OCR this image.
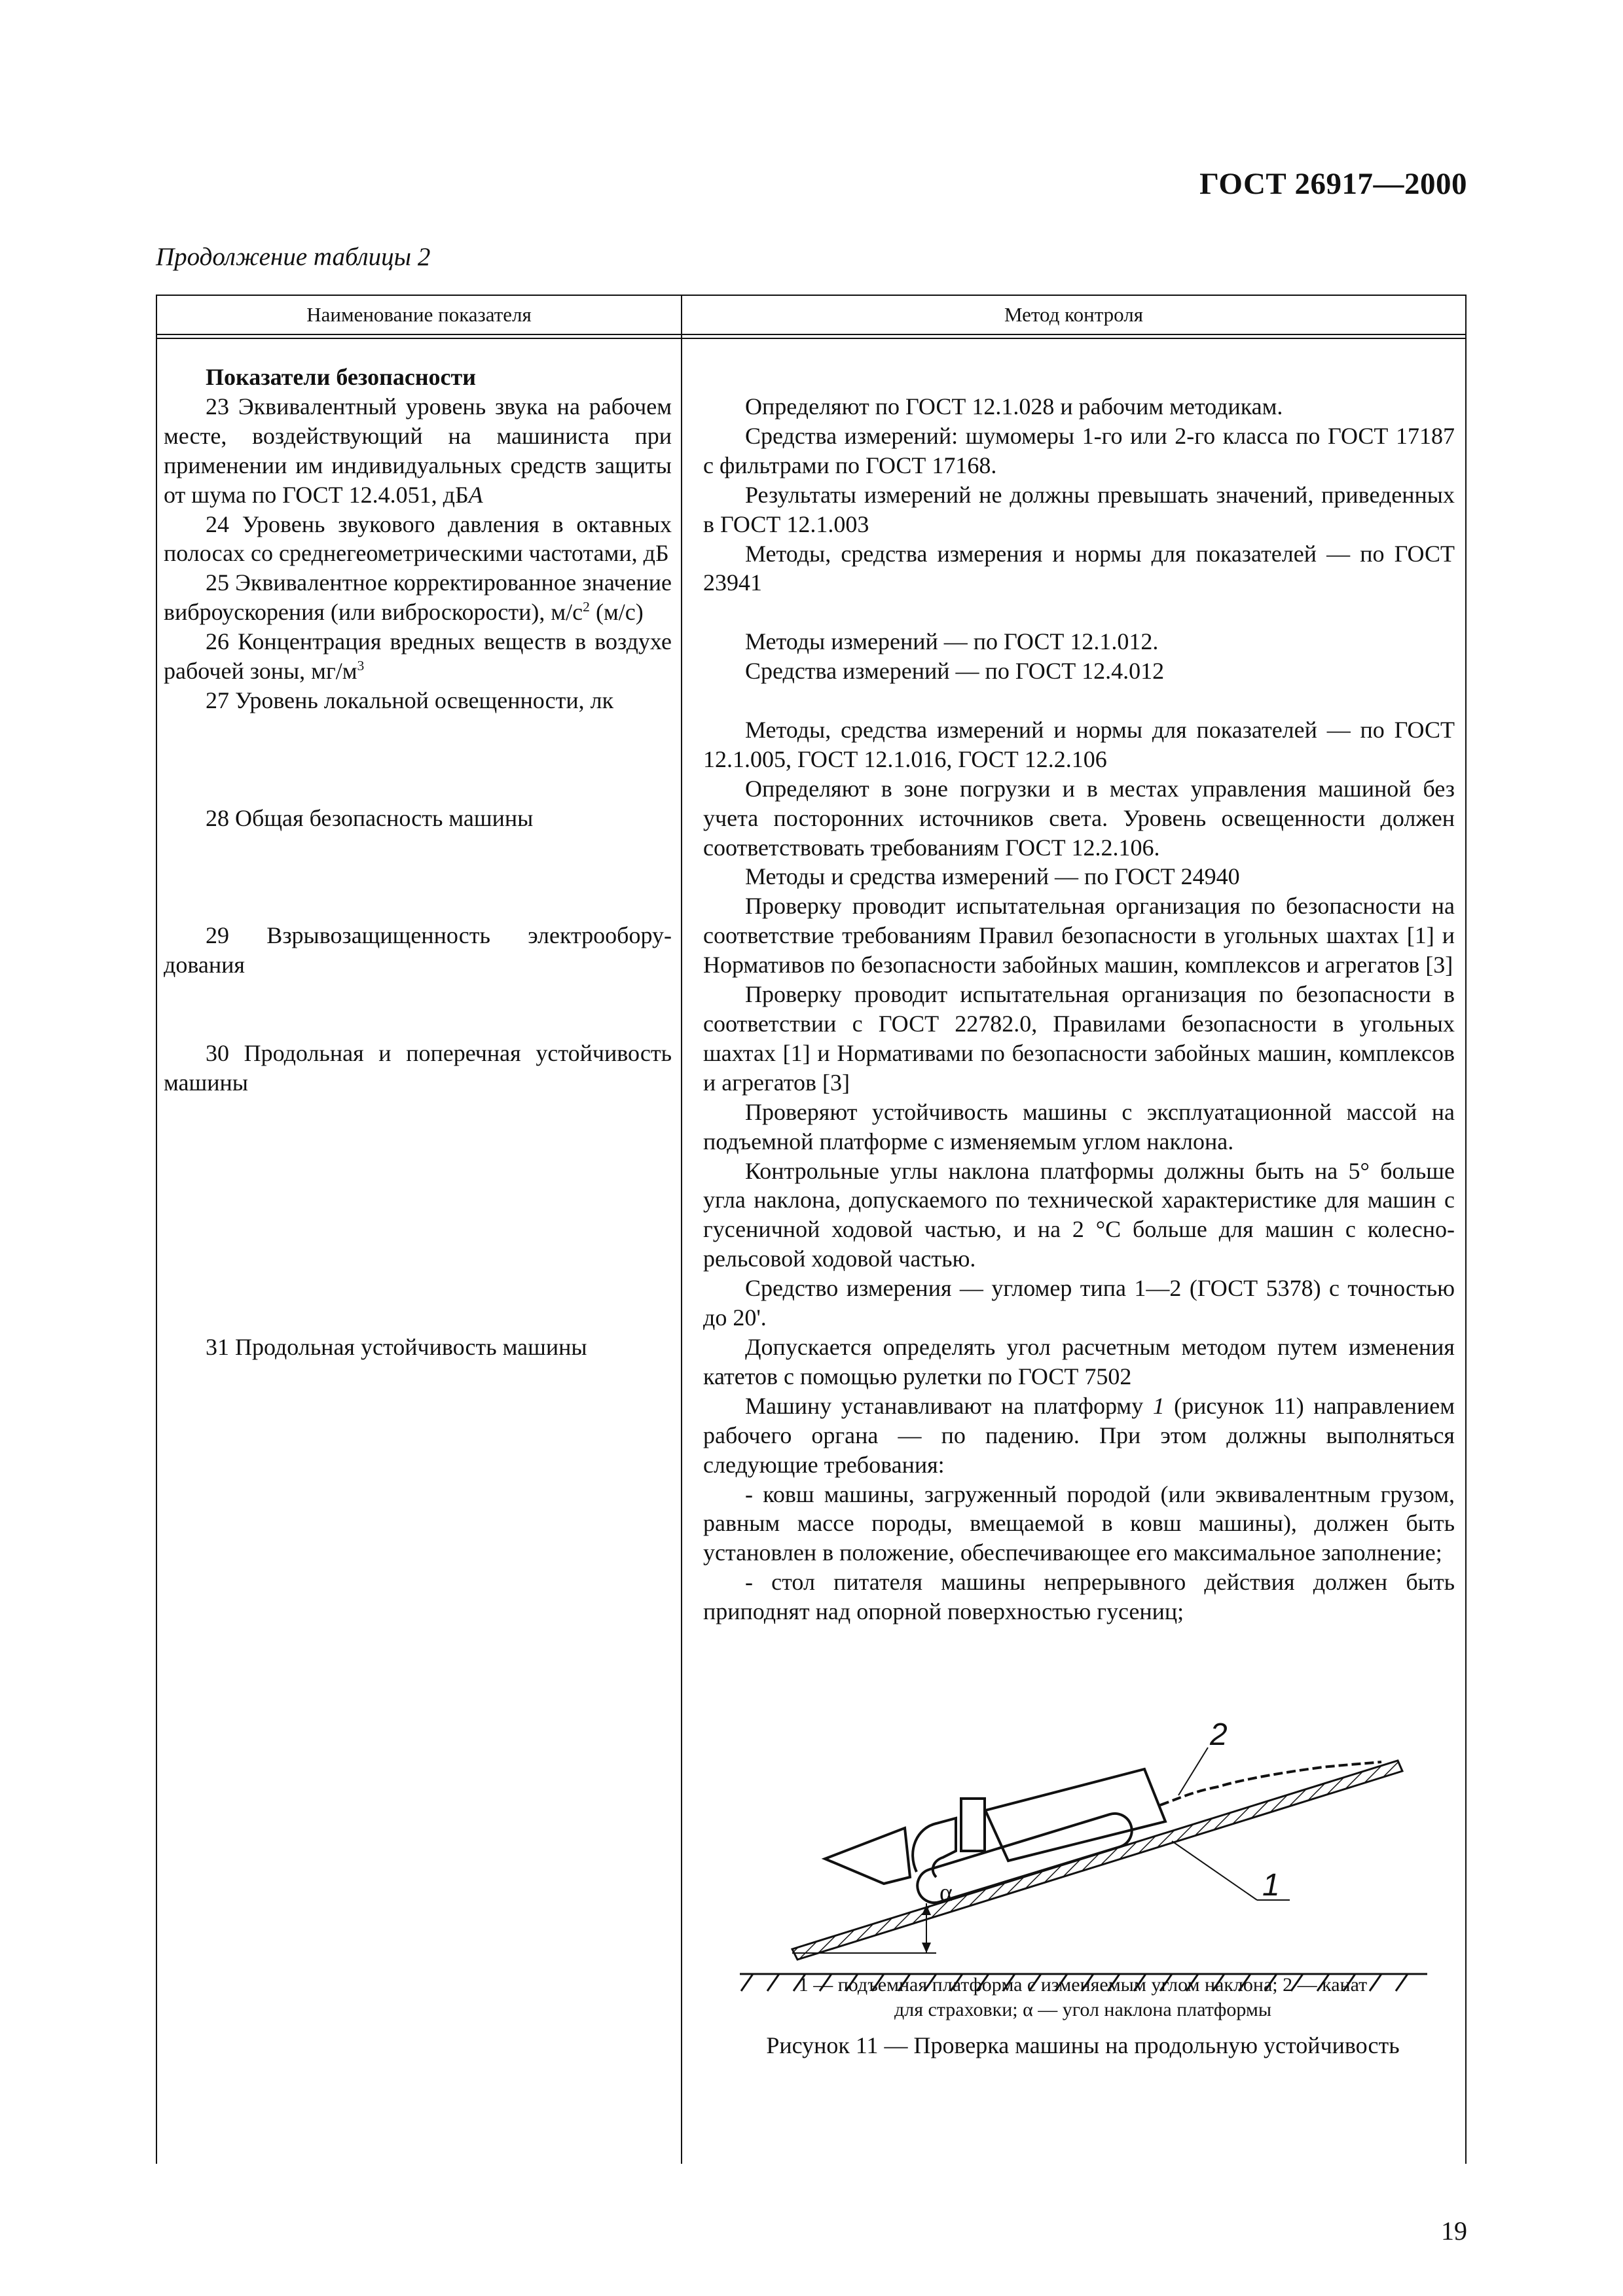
ГОСТ 26917—2000
Продолжение таблицы 2
Наименование показателя	Метод контроля

Показатели безопасности

23 Эквивалентный уровень звука на рабочем месте, воздействующий на машиниста при применении им индивидуальных средств защиты от шума по ГОСТ 12.4.051, дБА

24 Уровень звукового давления в октавных полосах со среднегеометрическими частотами, дБ

25 Эквивалентное корректированное значение виброускорения (или виброскорости), $м/с^2$ (м/с)

26 Концентрация вредных веществ в воздухе рабочей зоны, $мг/м^3$

27 Уровень локальной освещенности, лк

28 Общая безопасность машины

29 Взрывозащищенность электрооборудования

30 Продольная и поперечная устойчивость машины

31 Продольная устойчивость машины

Определяют по ГОСТ 12.1.028 и рабочим методикам.

Средства измерений: шумомеры 1-го или 2-го класса по ГОСТ 17187 с фильтрами по ГОСТ 17168.

Результаты измерений не должны превышать значений, приведенных в ГОСТ 12.1.003

Методы, средства измерения и нормы для показателей — по ГОСТ 23941

Методы измерений — по ГОСТ 12.1.012.

Средства измерений — по ГОСТ 12.4.012

Методы, средства измерений и нормы для показателей — по ГОСТ 12.1.005, ГОСТ 12.1.016, ГОСТ 12.2.106

Определяют в зоне погрузки и в местах управления машиной без учета посторонних источников света. Уровень освещенности должен соответствовать требованиям ГОСТ 12.2.106.

Методы и средства измерений — по ГОСТ 24940

Проверку проводит испытательная организация по безопасности на соответствие требованиям Правил безопасности в угольных шахтах [1] и Нормативов по безопасности забойных машин, комплексов и агрегатов [3]

Проверку проводит испытательная организация по безопасности в соответствии с ГОСТ 22782.0, Правилами безопасности в угольных шахтах [1] и Нормативами по безопасности забойных машин, комплексов и агрегатов [3]

Проверяют устойчивость машины с эксплуатационной массой на подъемной платформе с изменяемым углом наклона.

Контрольные углы наклона платформы должны быть на 5° больше угла наклона, допускаемого по технической характеристике для машин с гусеничной ходовой частью, и на 2 °С больше для машин с колесно-рельсовой ходовой частью.

Средство измерения — угломер типа 1—2 (ГОСТ 5378) с точностью до 20'.

Допускается определять угол расчетным методом путем изменения катетов с помощью рулетки по ГОСТ 7502

Машину устанавливают на платформу 1 (рисунок 11) направлением рабочего органа — по падению. При этом должны выполняться следующие требования:

- ковш машины, загруженный породой (или эквивалентным грузом, равным массе породы, вмещаемой в ковш машины), должен быть установлен в положение, обеспечивающее его максимальное заполнение;

- стол питателя машины непрерывного действия должен быть приподнят над опорной поверхностью гусениц;

α
2
1
1 — подъемная платформа с изменяемым углом наклона; 2 — канат
для страховки; α — угол наклона платформы
Рисунок 11 — Проверка машины на продольную устойчивость
19
